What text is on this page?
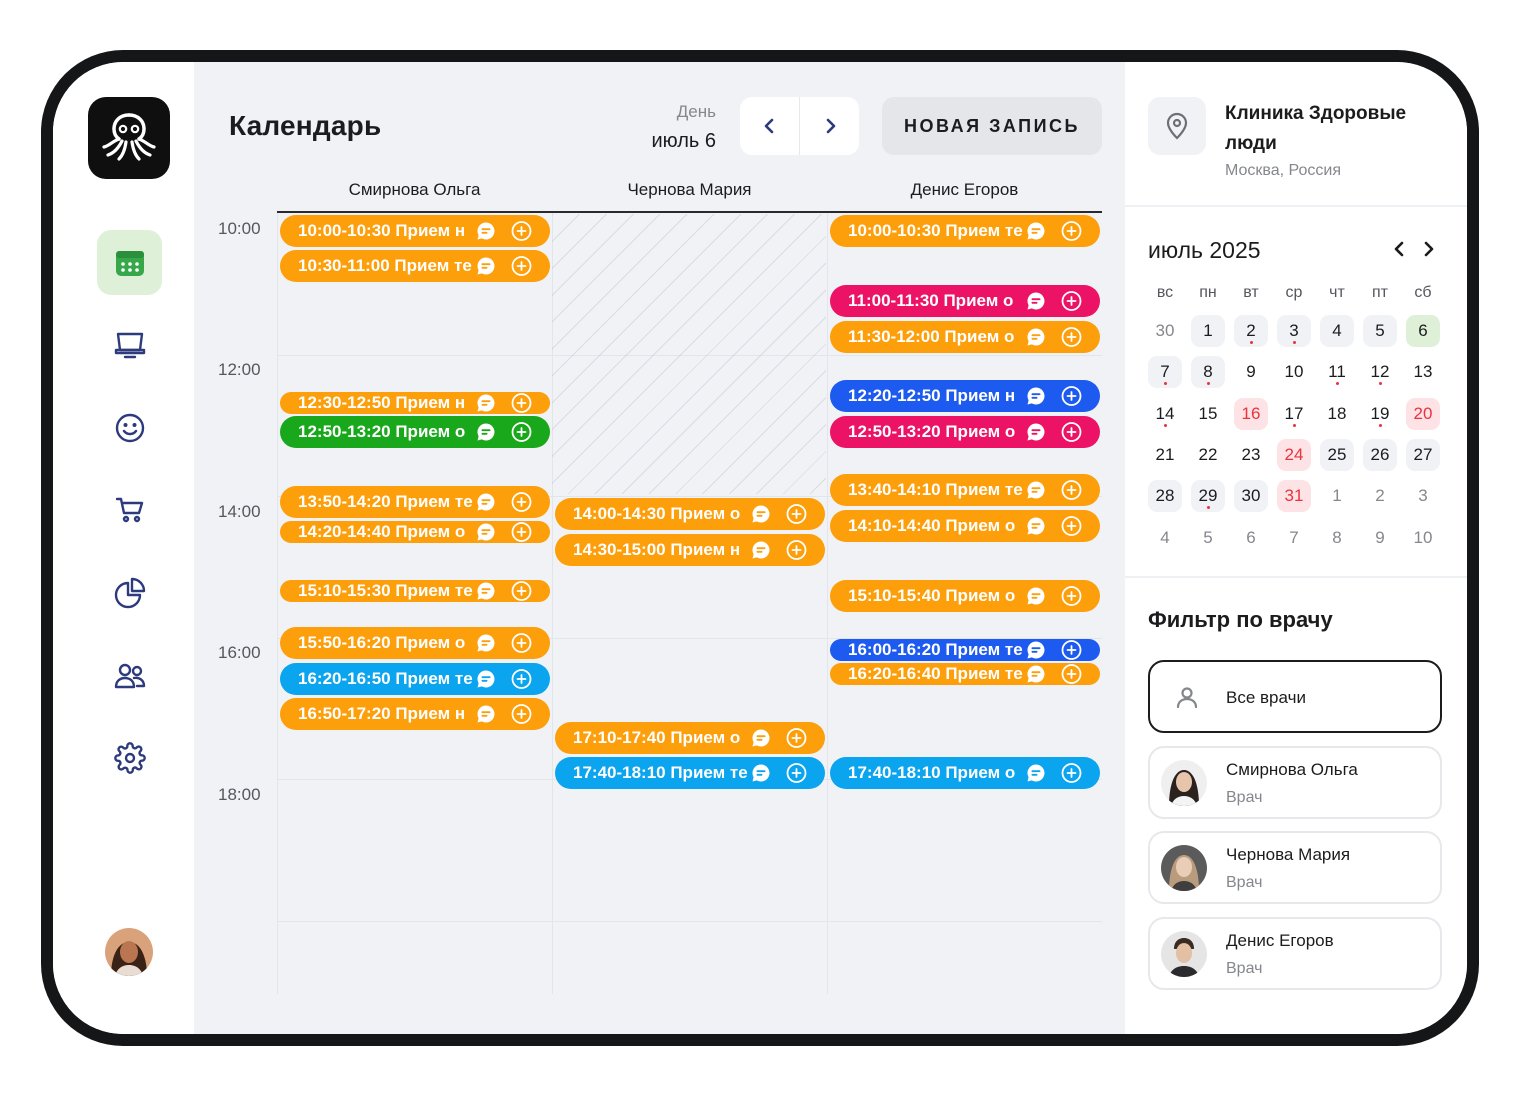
Календарь	День
июль 6
НОВАЯ ЗАПИСЬ
Смирнова Ольга	Чернова Мария	Денис Егоров
10:00
12:00
14:00
16:00
18:00
10:00-10:30 Прием н
10:30-11:00 Прием те
12:30-12:50 Прием н
12:50-13:20 Прием о
13:50-14:20 Прием те
14:20-14:40 Прием о
15:10-15:30 Прием те
15:50-16:20 Прием о
16:20-16:50 Прием те
16:50-17:20 Прием н
14:00-14:30 Прием о
14:30-15:00 Прием н
17:10-17:40 Прием о
17:40-18:10 Прием те
10:00-10:30 Прием те
11:00-11:30 Прием о
11:30-12:00 Прием о
12:20-12:50 Прием н
12:50-13:20 Прием о
13:40-14:10 Прием те
14:10-14:40 Прием о
15:10-15:40 Прием о
16:00-16:20 Прием те
16:20-16:40 Прием те
17:40-18:10 Прием о
Клиника Здоровые люди
Москва, Россия
июль 2025
вс	пн	вт	ср	чт	пт	сб
30 1 2 3 4 5 6
7 8 9 10 11 12 13
14 15 16 17 18 19 20
21 22 23 24 25 26 27
28 29 30 31 1 2 3
4 5 6 7 8 9 10
Фильтр по врачу
Все врачи
Смирнова Ольга
Врач
Чернова Мария
Врач
Денис Егоров
Врач
